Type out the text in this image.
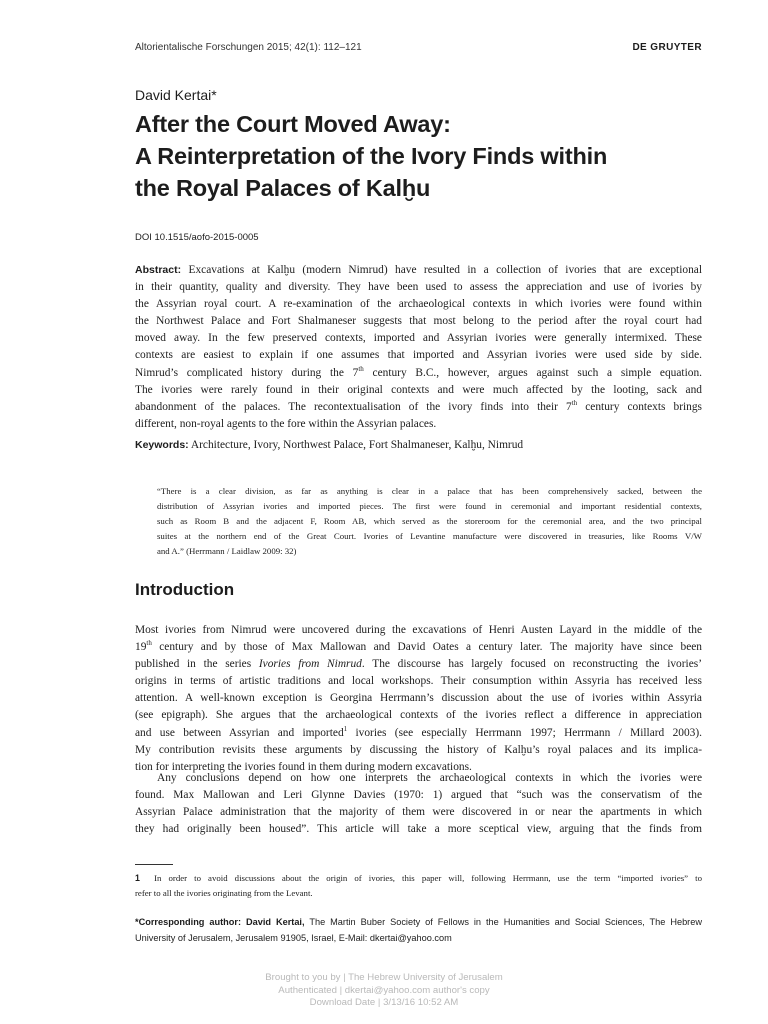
Altorientalische Forschungen 2015; 42(1): 112–121	DE GRUYTER
David Kertai*
After the Court Moved Away:
A Reinterpretation of the Ivory Finds within
the Royal Palaces of Kalḫu
DOI 10.1515/aofo-2015-0005
Abstract: Excavations at Kalḫu (modern Nimrud) have resulted in a collection of ivories that are exceptional
in their quantity, quality and diversity. They have been used to assess the appreciation and use of ivories by
the Assyrian royal court. A re-examination of the archaeological contexts in which ivories were found within
the Northwest Palace and Fort Shalmaneser suggests that most belong to the period after the royal court had
moved away. In the few preserved contexts, imported and Assyrian ivories were generally intermixed. These
contexts are easiest to explain if one assumes that imported and Assyrian ivories were used side by side.
Nimrud’s complicated history during the 7th century B.C., however, argues against such a simple equation.
The ivories were rarely found in their original contexts and were much affected by the looting, sack and
abandonment of the palaces. The recontextualisation of the ivory finds into their 7th century contexts brings
different, non-royal agents to the fore within the Assyrian palaces.
Keywords: Architecture, Ivory, Northwest Palace, Fort Shalmaneser, Kalḫu, Nimrud
“There is a clear division, as far as anything is clear in a palace that has been comprehensively sacked, between the
distribution of Assyrian ivories and imported pieces. The first were found in ceremonial and important residential contexts,
such as Room B and the adjacent F, Room AB, which served as the storeroom for the ceremonial area, and the two principal
suites at the northern end of the Great Court. Ivories of Levantine manufacture were discovered in treasuries, like Rooms V/W
and A.” (Herrmann / Laidlaw 2009: 32)
Introduction
Most ivories from Nimrud were uncovered during the excavations of Henri Austen Layard in the middle of the
19th century and by those of Max Mallowan and David Oates a century later. The majority have since been
published in the series Ivories from Nimrud. The discourse has largely focused on reconstructing the ivories’
origins in terms of artistic traditions and local workshops. Their consumption within Assyria has received less
attention. A well-known exception is Georgina Herrmann’s discussion about the use of ivories within Assyria
(see epigraph). She argues that the archaeological contexts of the ivories reflect a difference in appreciation
and use between Assyrian and imported$^1$ ivories (see especially Herrmann 1997; Herrmann / Millard 2003).
My contribution revisits these arguments by discussing the history of Kalḫu’s royal palaces and its implica-
tion for interpreting the ivories found in them during modern excavations.
Any conclusions depend on how one interprets the archaeological contexts in which the ivories were
found. Max Mallowan and Leri Glynne Davies (1970: 1) argued that “such was the conservatism of the
Assyrian Palace administration that the majority of them were discovered in or near the apartments in which
they had originally been housed”. This article will take a more sceptical view, arguing that the finds from
1 In order to avoid discussions about the origin of ivories, this paper will, following Herrmann, use the term “imported ivories” to
refer to all the ivories originating from the Levant.
*Corresponding author: David Kertai, The Martin Buber Society of Fellows in the Humanities and Social Sciences, The Hebrew
University of Jerusalem, Jerusalem 91905, Israel, E-Mail: dkertai@yahoo.com
Brought to you by | The Hebrew University of Jerusalem
Authenticated | dkertai@yahoo.com author's copy
Download Date | 3/13/16 10:52 AM
